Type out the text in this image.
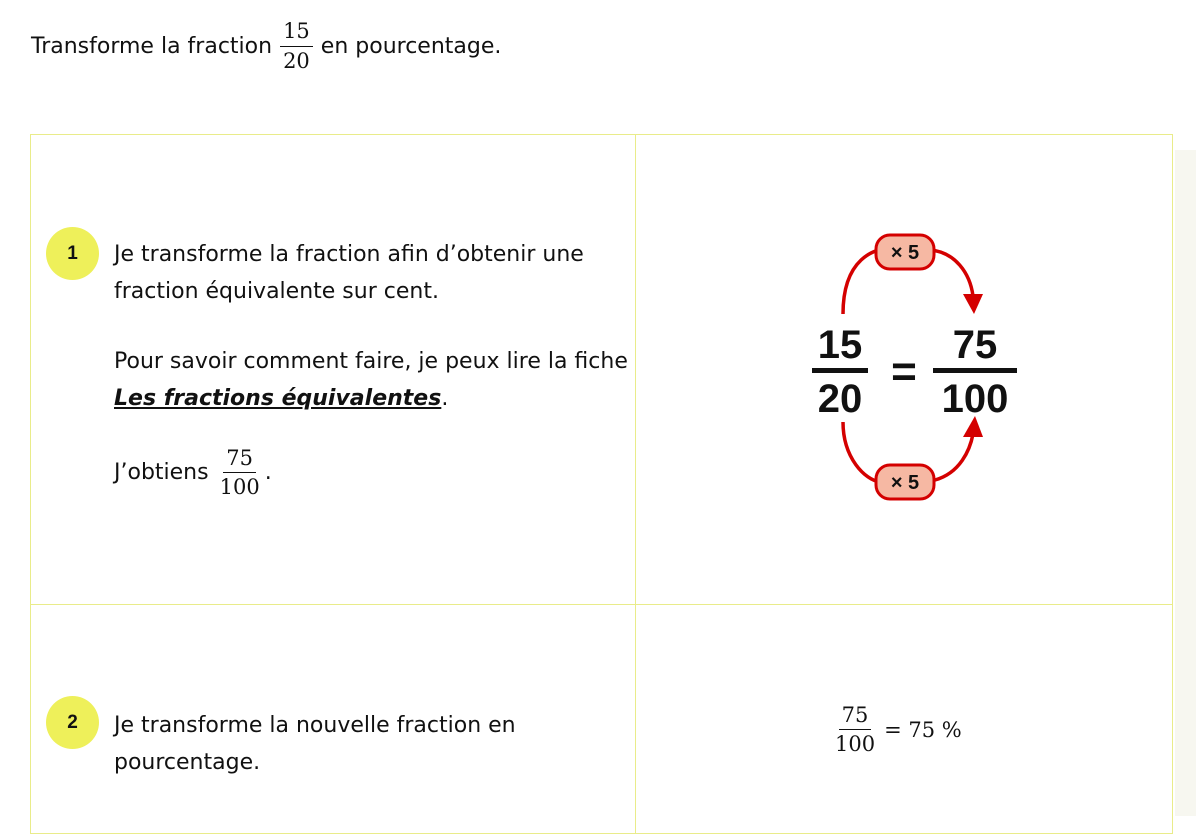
Transforme la fraction $\frac{15}{20}$ en pourcentage.
1	Je transforme la fraction afin d’obtenir une fraction équivalente sur cent.

Pour savoir comment faire, je peux lire la fiche Les fractions équivalentes.

J’obtiens $\frac{75}{100}$ .

× 5
× 5
15
20
=
75
100
2	Je transforme la nouvelle fraction en pourcentage.
$\frac{75}{100} = 75$ %
